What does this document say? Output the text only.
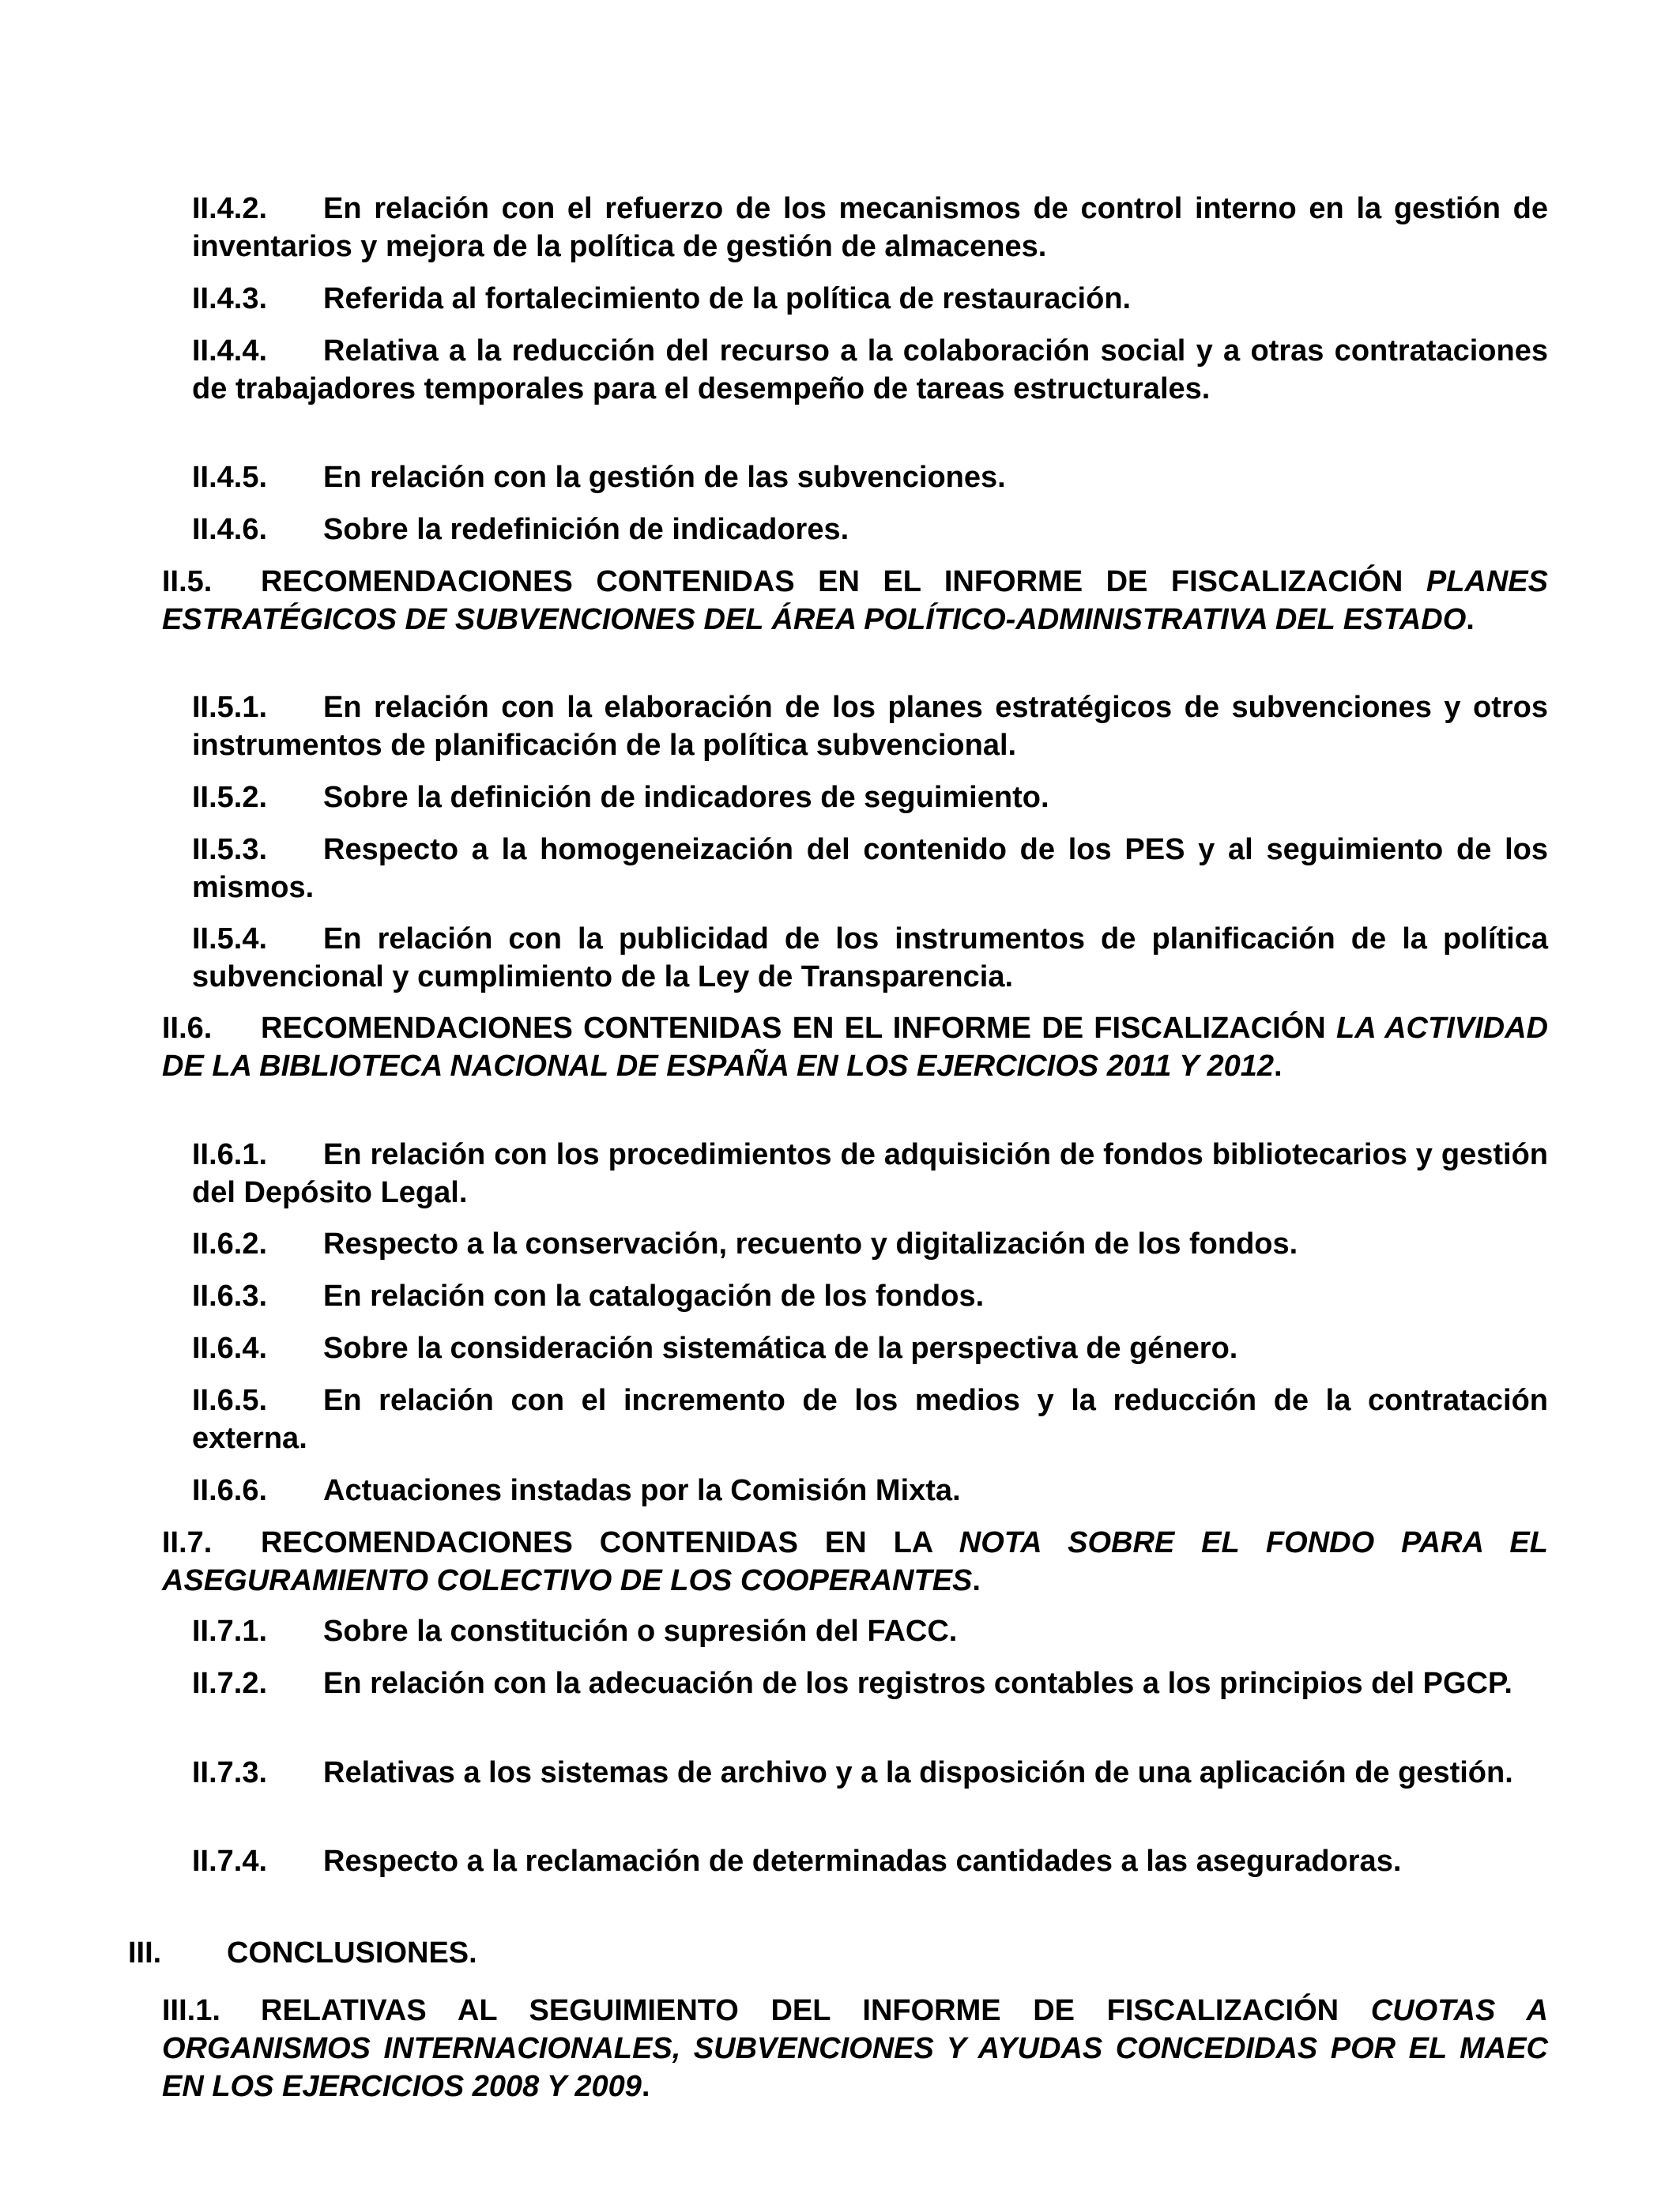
II.4.2. En relación con el refuerzo de los mecanismos de control interno en la gestión de inventarios y mejora de la política de gestión de almacenes.
II.4.3. Referida al fortalecimiento de la política de restauración.
II.4.4. Relativa a la reducción del recurso a la colaboración social y a otras contrataciones de trabajadores temporales para el desempeño de tareas estructurales.
II.4.5. En relación con la gestión de las subvenciones.
II.4.6. Sobre la redefinición de indicadores.
II.5. RECOMENDACIONES CONTENIDAS EN EL INFORME DE FISCALIZACIÓN PLANES ESTRATÉGICOS DE SUBVENCIONES DEL ÁREA POLÍTICO-ADMINISTRATIVA DEL ESTADO.
II.5.1. En relación con la elaboración de los planes estratégicos de subvenciones y otros instrumentos de planificación de la política subvencional.
II.5.2. Sobre la definición de indicadores de seguimiento.
II.5.3. Respecto a la homogeneización del contenido de los PES y al seguimiento de los mismos.
II.5.4. En relación con la publicidad de los instrumentos de planificación de la política subvencional y cumplimiento de la Ley de Transparencia.
II.6. RECOMENDACIONES CONTENIDAS EN EL INFORME DE FISCALIZACIÓN LA ACTIVIDAD DE LA BIBLIOTECA NACIONAL DE ESPAÑA EN LOS EJERCICIOS 2011 Y 2012.
II.6.1. En relación con los procedimientos de adquisición de fondos bibliotecarios y gestión del Depósito Legal.
II.6.2. Respecto a la conservación, recuento y digitalización de los fondos.
II.6.3. En relación con la catalogación de los fondos.
II.6.4. Sobre la consideración sistemática de la perspectiva de género.
II.6.5. En relación con el incremento de los medios y la reducción de la contratación externa.
II.6.6. Actuaciones instadas por la Comisión Mixta.
II.7. RECOMENDACIONES CONTENIDAS EN LA NOTA SOBRE EL FONDO PARA EL ASEGURAMIENTO COLECTIVO DE LOS COOPERANTES.
II.7.1. Sobre la constitución o supresión del FACC.
II.7.2. En relación con la adecuación de los registros contables a los principios del PGCP.
II.7.3. Relativas a los sistemas de archivo y a la disposición de una aplicación de gestión.
II.7.4. Respecto a la reclamación de determinadas cantidades a las aseguradoras.
III. CONCLUSIONES.
III.1. RELATIVAS AL SEGUIMIENTO DEL INFORME DE FISCALIZACIÓN CUOTAS A ORGANISMOS INTERNACIONALES, SUBVENCIONES Y AYUDAS CONCEDIDAS POR EL MAEC EN LOS EJERCICIOS 2008 Y 2009.
